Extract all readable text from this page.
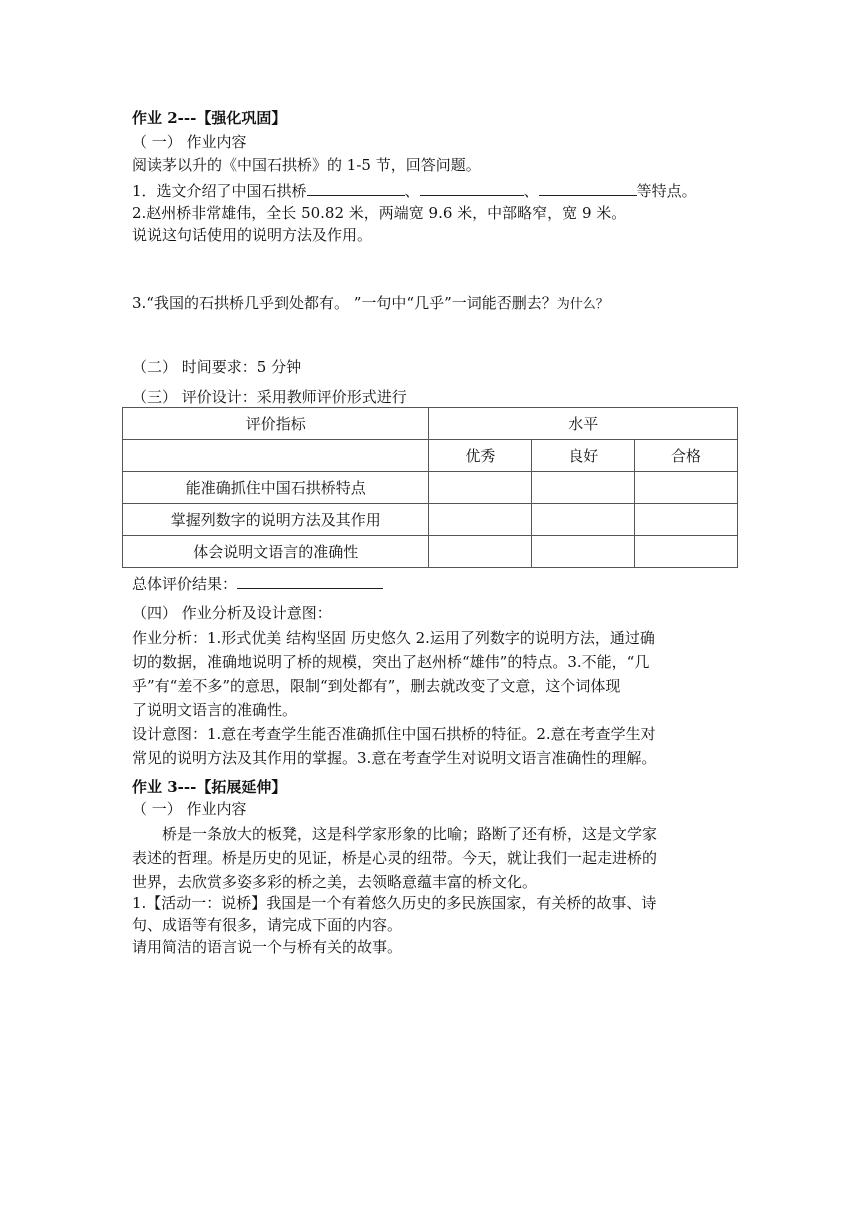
作业 2---【强化巩固】
（ 一） 作业内容
阅读茅以升的《中国石拱桥》的 1-5 节，回答问题。
1．选文介绍了中国石拱桥	、	、	等特点。
2.赵州桥非常雄伟，全长 50.82 米，两端宽 9.6 米，中部略窄，宽 9 米。
说说这句话使用的说明方法及作用。
3.“我国的石拱桥几乎到处都有。 ”一句中“几乎”一词能否删去？为什么？
（二） 时间要求：5 分钟
（三） 评价设计：采用教师评价形式进行
评价指标	水平		
	优秀	良好	合格
能准确抓住中国石拱桥特点			
掌握列数字的说明方法及其作用			
体会说明文语言的准确性			
总体评价结果：
（四） 作业分析及设计意图：
作业分析：1.形式优美 结构坚固 历史悠久 2.运用了列数字的说明方法，通过确
切的数据，准确地说明了桥的规模，突出了赵州桥“雄伟”的特点。3.不能，“几
乎”有“差不多”的意思，限制“到处都有”，删去就改变了文意，这个词体现
了说明文语言的准确性。
设计意图：1.意在考查学生能否准确抓住中国石拱桥的特征。2.意在考查学生对
常见的说明方法及其作用的掌握。3.意在考查学生对说明文语言准确性的理解。
作业 3---【拓展延伸】
（ 一） 作业内容
桥是一条放大的板凳，这是科学家形象的比喻；路断了还有桥，这是文学家
表述的哲理。桥是历史的见证，桥是心灵的纽带。今天，就让我们一起走进桥的
世界，去欣赏多姿多彩的桥之美，去领略意蕴丰富的桥文化。
1.【活动一：说桥】我国是一个有着悠久历史的多民族国家，有关桥的故事、诗
句、成语等有很多，请完成下面的内容。
请用简洁的语言说一个与桥有关的故事。
